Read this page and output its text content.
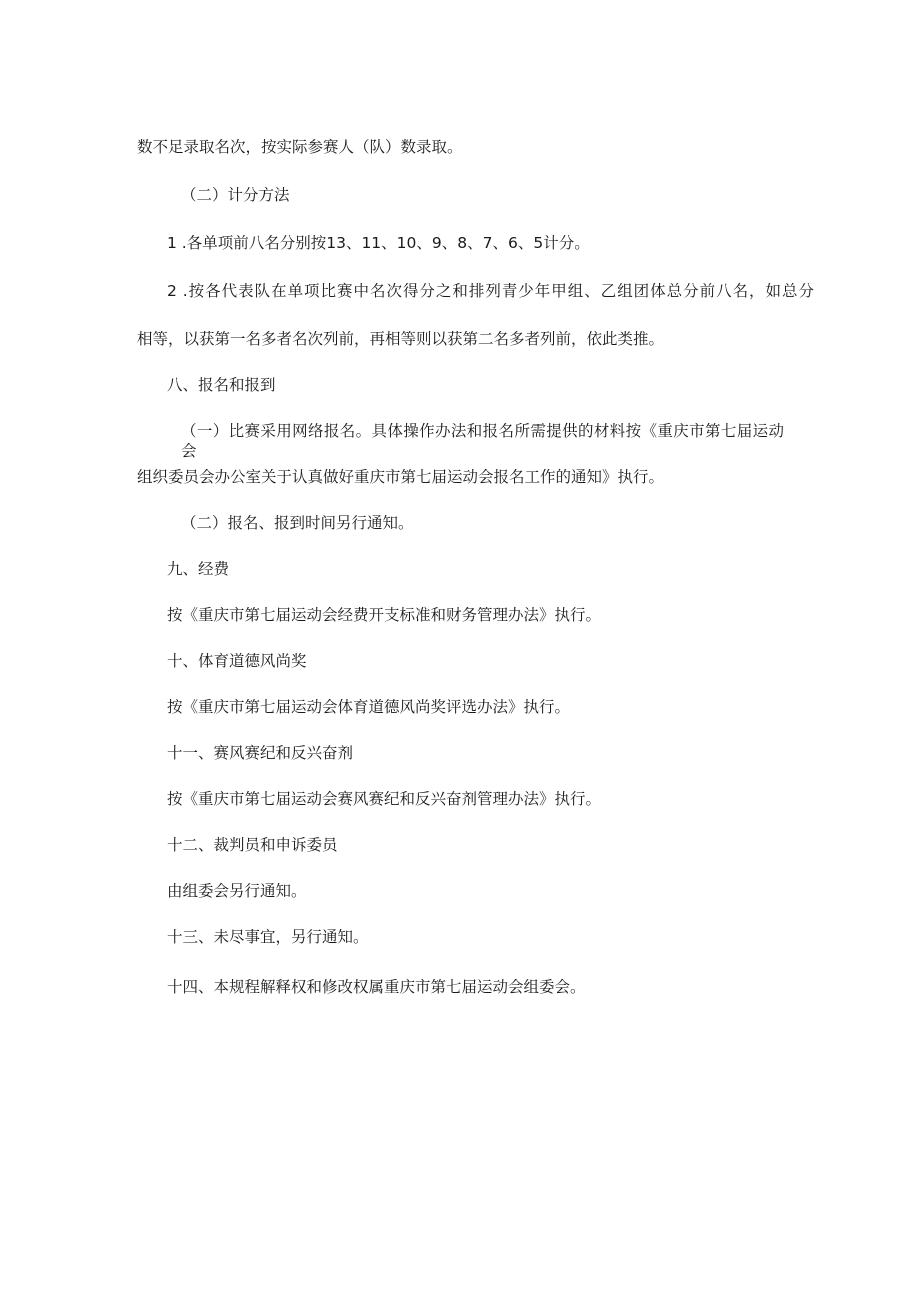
数不足录取名次，按实际参赛人（队）数录取。

（二）计分方法

1 .各单项前八名分别按13、11、10、9、8、7、6、5计分。

2 .按各代表队在单项比赛中名次得分之和排列青少年甲组、乙组团体总分前八名，如总分

相等，以获第一名多者名次列前，再相等则以获第二名多者列前，依此类推。

八、报名和报到

（一）比赛采用网络报名。具体操作办法和报名所需提供的材料按《重庆市第七届运动会

组织委员会办公室关于认真做好重庆市第七届运动会报名工作的通知》执行。

（二）报名、报到时间另行通知。

九、经费

按《重庆市第七届运动会经费开支标准和财务管理办法》执行。

十、体育道德风尚奖

按《重庆市第七届运动会体育道德风尚奖评选办法》执行。

十一、赛风赛纪和反兴奋剂

按《重庆市第七届运动会赛风赛纪和反兴奋剂管理办法》执行。

十二、裁判员和申诉委员

由组委会另行通知。

十三、未尽事宜，另行通知。

十四、本规程解释权和修改权属重庆市第七届运动会组委会。
